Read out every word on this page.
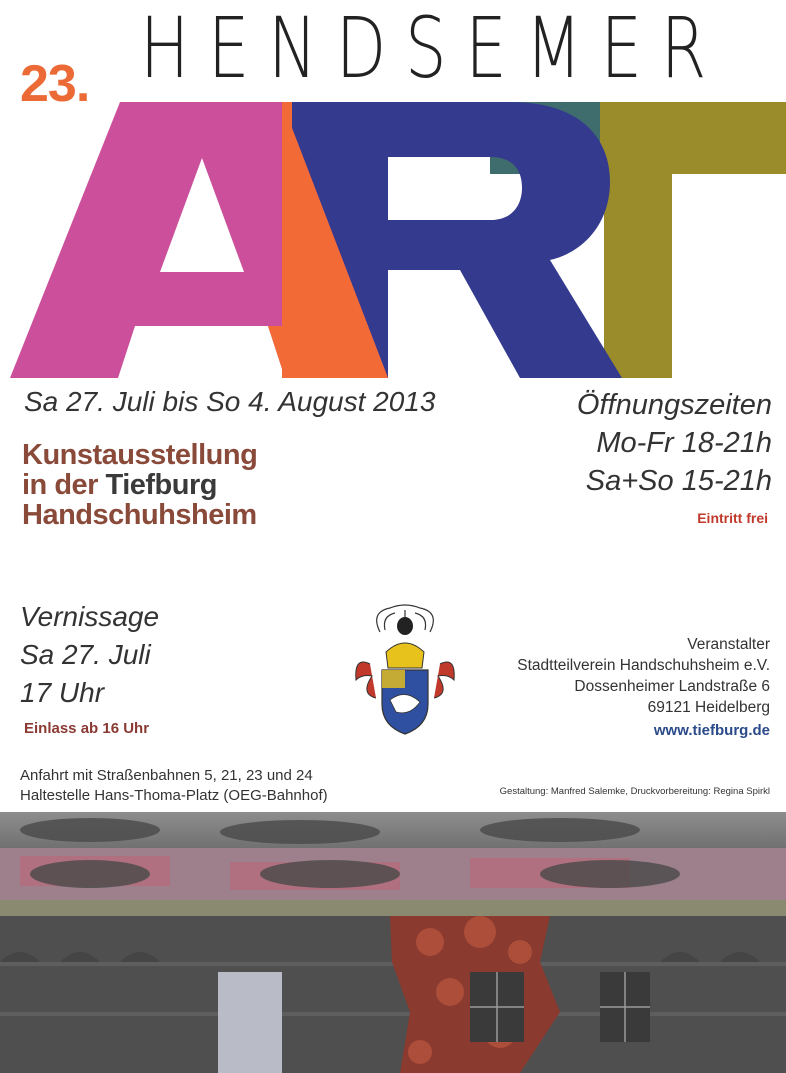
23. HENDSEMER
Sa 27. Juli bis So 4. August 2013
Kunstausstellung
in der Tiefburg
Handschuhsheim
Öffnungszeiten
Mo-Fr 18-21h
Sa+So 15-21h
Eintritt frei
Vernissage
Sa 27. Juli
17 Uhr
Einlass ab 16 Uhr
Veranstalter
Stadtteilverein Handschuhsheim e.V.
Dossenheimer Landstraße 6
69121 Heidelberg
www.tiefburg.de
Anfahrt mit Straßenbahnen 5, 21, 23 und 24
Haltestelle Hans-Thoma-Platz (OEG-Bahnhof)	Gestaltung: Manfred Salemke, Druckvorbereitung: Regina Spirkl
